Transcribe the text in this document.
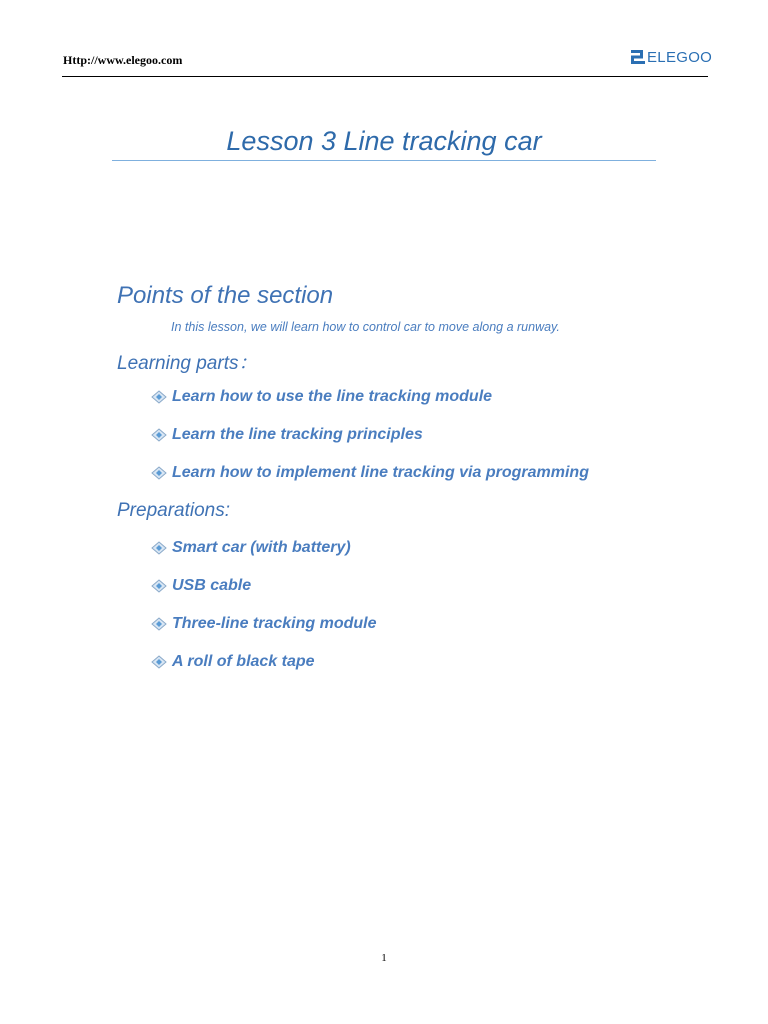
Http://www.elegoo.com	ELEGOO
Lesson 3 Line tracking car
Points of the section
In this lesson, we will learn how to control car to move along a runway.
Learning parts：
Learn how to use the line tracking module
Learn the line tracking principles
Learn how to implement line tracking via programming
Preparations:
Smart car (with battery)
USB cable
Three-line tracking module
A roll of black tape
1
